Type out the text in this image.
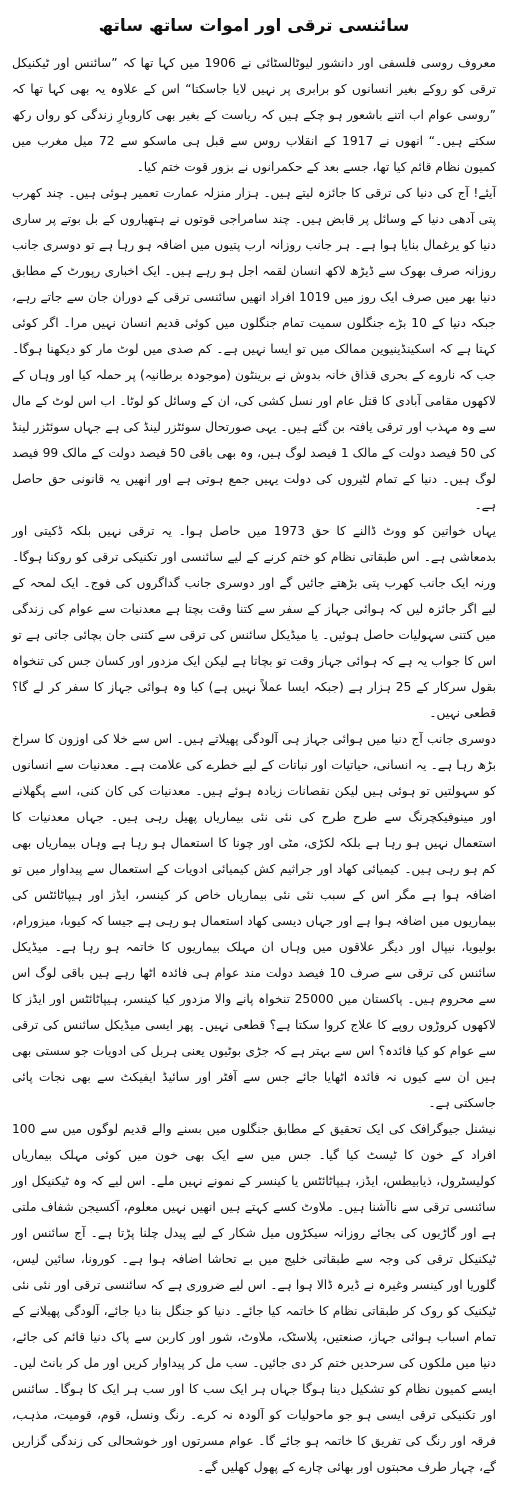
سائنسی ترقی اور اموات ساتھ ساتھ

معروف روسی فلسفی اور دانشور لیوٹالسٹائی نے 1906 میں کہا تھا کہ ”سائنس اور ٹیکنیکل ترقی کو روکے بغیر انسانوں کو برابری پر نہیں لایا جاسکتا“ اس کے علاوہ یہ بھی کہا تھا کہ ”روسی عوام اب اتنے باشعور ہو چکے ہیں کہ ریاست کے بغیر بھی کاروبارِ زندگی کو رواں رکھ سکتے ہیں۔“ انھوں نے 1917 کے انقلاب روس سے قبل ہی ماسکو سے 72 میل مغرب میں کمیون نظام قائم کیا تھا، جسے بعد کے حکمرانوں نے بزور قوت ختم کیا۔

آیئے! آج کی دنیا کی ترقی کا جائزہ لیتے ہیں۔ ہزار منزلہ عمارت تعمیر ہوئی ہیں۔ چند کھرب پتی آدھی دنیا کے وسائل پر قابض ہیں۔ چند سامراجی قوتوں نے ہتھیاروں کے بل بوتے پر ساری دنیا کو یرغمال بنایا ہوا ہے۔ ہر جانب روزانہ ارب پتیوں میں اضافہ ہو رہا ہے تو دوسری جانب روزانہ صرف بھوک سے ڈیڑھ لاکھ انسان لقمہ اجل ہو رہے ہیں۔ ایک اخباری رپورٹ کے مطابق دنیا بھر میں صرف ایک روز میں 1019 افراد انھیں سائنسی ترقی کے دوران جان سے جاتے رہے، جبکہ دنیا کے 10 بڑے جنگلوں سمیت تمام جنگلوں میں کوئی قدیم انسان نہیں مرا۔ اگر کوئی کہتا ہے کہ اسکینڈینیوین ممالک میں تو ایسا نہیں ہے۔ کم صدی میں لوٹ مار کو دیکھنا ہوگا۔ جب کہ ناروے کے بحری قذاق خانہ بدوش نے برینٹون (موجودہ برطانیہ) پر حملہ کیا اور وہاں کے لاکھوں مقامی آبادی کا قتل عام اور نسل کشی کی، ان کے وسائل کو لوٹا۔ اب اس لوٹ کے مال سے وہ مہذب اور ترقی یافتہ بن گئے ہیں۔ یہی صورتحال سوئٹزر لینڈ کی ہے جہاں سوئٹزر لینڈ کی 50 فیصد دولت کے مالک 1 فیصد لوگ ہیں، وہ بھی باقی 50 فیصد دولت کے مالک 99 فیصد لوگ ہیں۔ دنیا کے تمام لٹیروں کی دولت یہیں جمع ہوتی ہے اور انھیں یہ قانونی حق حاصل ہے۔

یہاں خواتین کو ووٹ ڈالنے کا حق 1973 میں حاصل ہوا۔ یہ ترقی نہیں بلکہ ڈکیتی اور بدمعاشی ہے۔ اس طبقاتی نظام کو ختم کرنے کے لیے سائنسی اور تکنیکی ترقی کو روکنا ہوگا۔ ورنہ ایک جانب کھرب پتی بڑھتے جائیں گے اور دوسری جانب گداگروں کی فوج۔ ایک لمحہ کے لیے اگر جائزہ لیں کہ ہوائی جہاز کے سفر سے کتنا وقت بچتا ہے معدنیات سے عوام کی زندگی میں کتنی سہولیات حاصل ہوئیں۔ یا میڈیکل سائنس کی ترقی سے کتنی جان بچائی جاتی ہے تو اس کا جواب یہ ہے کہ ہوائی جہاز وقت تو بچاتا ہے لیکن ایک مزدور اور کسان جس کی تنخواہ بقول سرکار کے 25 ہزار ہے (جبکہ ایسا عملاً نہیں ہے) کیا وہ ہوائی جہاز کا سفر کر لے گا؟ قطعی نہیں۔

دوسری جانب آج دنیا میں ہوائی جہاز ہی آلودگی پھیلاتے ہیں۔ اس سے خلا کی اوزون کا سراخ بڑھ رہا ہے۔ یہ انسانی، حیاتیات اور نباتات کے لیے خطرے کی علامت ہے۔ معدنیات سے انسانوں کو سہولتیں تو ہوئی ہیں لیکن نقصانات زیادہ ہوئے ہیں۔ معدنیات کی کان کنی، اسے پگھلانے اور مینوفیکچرنگ سے طرح طرح کی نئی نئی بیماریاں پھیل رہی ہیں۔ جہاں معدنیات کا استعمال نہیں ہو رہا ہے بلکہ لکڑی، مٹی اور چونا کا استعمال ہو رہا ہے وہاں بیماریاں بھی کم ہو رہی ہیں۔ کیمیائی کھاد اور جراثیم کش کیمیائی ادویات کے استعمال سے پیداوار میں تو اضافہ ہوا ہے مگر اس کے سبب نئی نئی بیماریاں خاص کر کینسر، ایڈز اور ہیپاٹائٹس کی بیماریوں میں اضافہ ہوا ہے اور جہاں دیسی کھاد استعمال ہو رہی ہے جیسا کہ کیوبا، میزورام، بولیویا، نیپال اور دیگر علاقوں میں وہاں ان مہلک بیماریوں کا خاتمہ ہو رہا ہے۔ میڈیکل سائنس کی ترقی سے صرف 10 فیصد دولت مند عوام ہی فائدہ اٹھا رہے ہیں باقی لوگ اس سے محروم ہیں۔ پاکستان میں 25000 تنخواہ پانے والا مزدور کیا کینسر، ہیپاٹائٹس اور ایڈز کا لاکھوں کروڑوں روپے کا علاج کروا سکتا ہے؟ قطعی نہیں۔ پھر ایسی میڈیکل سائنس کی ترقی سے عوام کو کیا فائدہ؟ اس سے بہتر ہے کہ جڑی بوٹیوں یعنی ہربل کی ادویات جو سستی بھی ہیں ان سے کیوں نہ فائدہ اٹھایا جائے جس سے آفٹر اور سائیڈ ایفیکٹ سے بھی نجات پائی جاسکتی ہے۔

نیشنل جیوگرافک کی ایک تحقیق کے مطابق جنگلوں میں بسنے والے قدیم لوگوں میں سے 100 افراد کے خون کا ٹیسٹ کیا گیا۔ جس میں سے ایک بھی خون میں کوئی مہلک بیماریاں کولیسٹرول، ذیابیطس، ایڈز، ہیپاٹائٹس یا کینسر کے نمونے نہیں ملے۔ اس لیے کہ وہ ٹیکنیکل اور سائنسی ترقی سے ناآشنا ہیں۔ ملاوٹ کسے کہتے ہیں انھیں نہیں معلوم، آکسیجن شفاف ملتی ہے اور گاڑیوں کی بجائے روزانہ سیکڑوں میل شکار کے لیے پیدل چلنا پڑتا ہے۔ آج سائنس اور ٹیکنیکل ترقی کی وجہ سے طبقاتی خلیج میں بے تحاشا اضافہ ہوا ہے۔ کورونا، سائین لیس، گلوریا اور کینسر وغیرہ نے ڈیرہ ڈالا ہوا ہے۔ اس لیے ضروری ہے کہ سائنسی ترقی اور نئی نئی ٹیکنیک کو روک کر طبقاتی نظام کا خاتمہ کیا جائے۔ دنیا کو جنگل بنا دیا جائے، آلودگی پھیلانے کے تمام اسباب ہوائی جہاز، صنعتیں، پلاسٹک، ملاوٹ، شور اور کاربن سے پاک دنیا قائم کی جائے، دنیا میں ملکوں کی سرحدیں ختم کر دی جائیں۔ سب مل کر پیداوار کریں اور مل کر بانٹ لیں۔ ایسے کمیون نظام کو تشکیل دینا ہوگا جہاں ہر ایک سب کا اور سب ہر ایک کا ہوگا۔ سائنس اور تکنیکی ترقی ایسی ہو جو ماحولیات کو آلودہ نہ کرے۔ رنگ ونسل، قوم، قومیت، مذہب، فرقہ اور رنگ کی تفریق کا خاتمہ ہو جائے گا۔ عوام مسرتوں اور خوشحالی کی زندگی گزاریں گے، چہار طرف محبتوں اور بھائی چارے کے پھول کھلیں گے۔
